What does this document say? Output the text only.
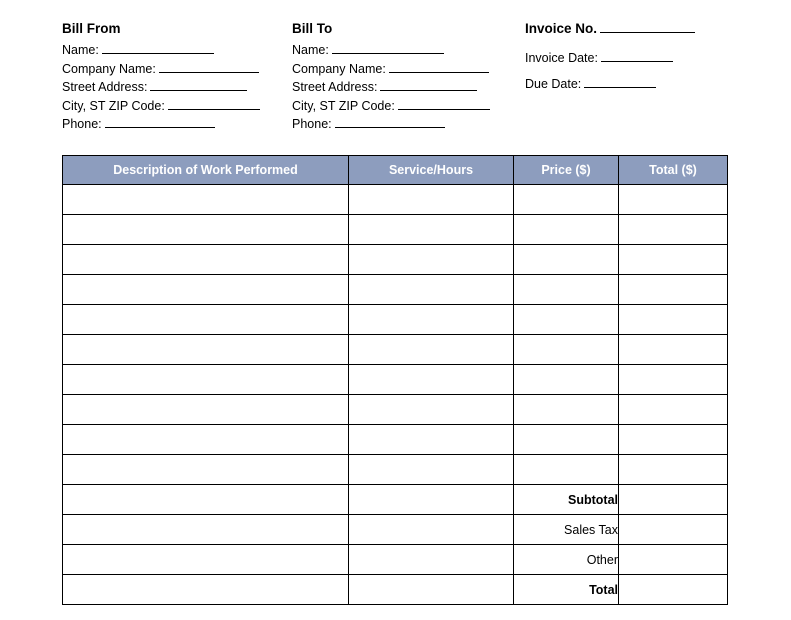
Bill From
Name:
Company Name:
Street Address:
City, ST ZIP Code:
Phone:
Bill To
Name:
Company Name:
Street Address:
City, ST ZIP Code:
Phone:
Invoice No.
Invoice Date:
Due Date:
Description of Work Performed	Service/Hours	Price ($)	Total ($)

		Subtotal	
		Sales Tax	
		Other	
		Total	
